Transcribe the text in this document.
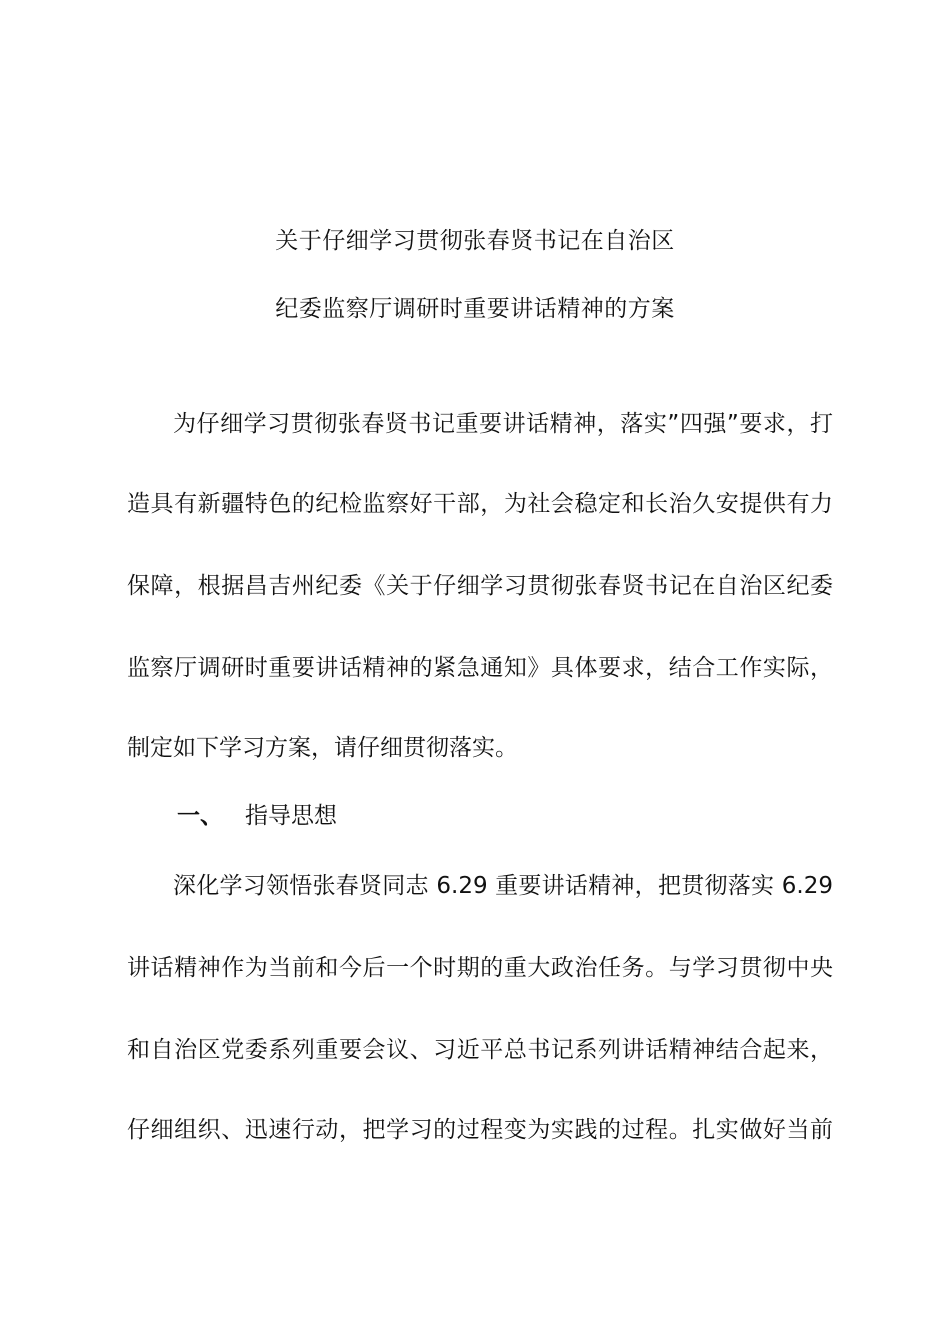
关于仔细学习贯彻张春贤书记在自治区
纪委监察厅调研时重要讲话精神的方案
为仔细学习贯彻张春贤书记重要讲话精神，落实”四强”要求，打
造具有新疆特色的纪检监察好干部，为社会稳定和长治久安提供有力
保障，根据昌吉州纪委《关于仔细学习贯彻张春贤书记在自治区纪委
监察厅调研时重要讲话精神的紧急通知》具体要求，结合工作实际，
制定如下学习方案，请仔细贯彻落实。
一、 指导思想
深化学习领悟张春贤同志 6.29 重要讲话精神，把贯彻落实 6.29
讲话精神作为当前和今后一个时期的重大政治任务。与学习贯彻中央
和自治区党委系列重要会议、习近平总书记系列讲话精神结合起来，
仔细组织、迅速行动，把学习的过程变为实践的过程。扎实做好当前
